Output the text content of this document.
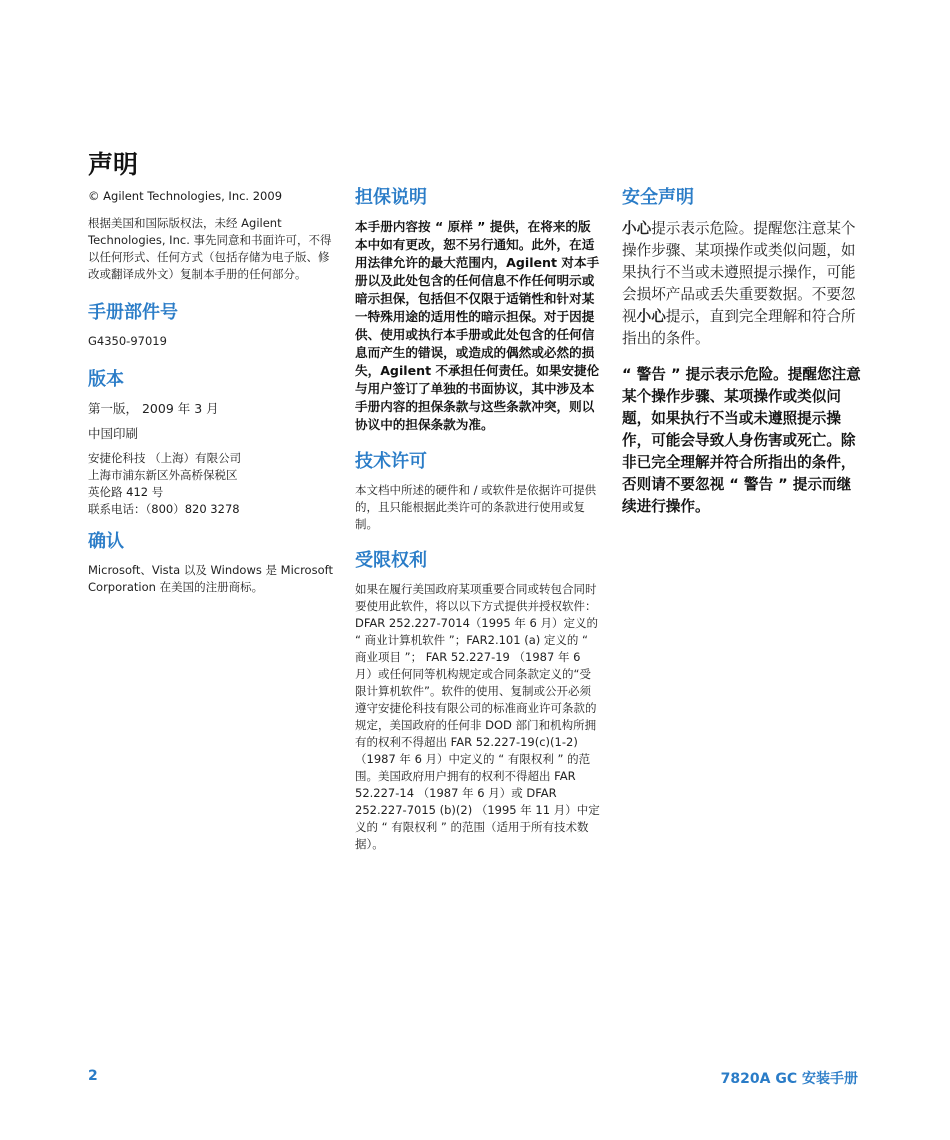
声明
© Agilent Technologies, Inc. 2009
根据美国和国际版权法，未经 Agilent Technologies, Inc. 事先同意和书面许可，不得以任何形式、任何方式（包括存储为电子版、修改或翻译成外文）复制本手册的任何部分。
手册部件号
G4350-97019
版本
第一版， 2009 年 3 月
中国印刷
安捷伦科技 （上海）有限公司
上海市浦东新区外高桥保税区
英伦路 412 号
联系电话：（800）820 3278
确认
Microsoft、Vista 以及 Windows 是 Microsoft Corporation 在美国的注册商标。
担保说明
本手册内容按 “ 原样 ” 提供，在将来的版本中如有更改，恕不另行通知。此外，在适用法律允许的最大范围内，Agilent 对本手册以及此处包含的任何信息不作任何明示或暗示担保，包括但不仅限于适销性和针对某一特殊用途的适用性的暗示担保。对于因提供、使用或执行本手册或此处包含的任何信息而产生的错误，或造成的偶然或必然的损失，Agilent 不承担任何责任。如果安捷伦与用户签订了单独的书面协议，其中涉及本手册内容的担保条款与这些条款冲突，则以协议中的担保条款为准。
技术许可
本文档中所述的硬件和 / 或软件是依据许可提供的，且只能根据此类许可的条款进行使用或复制。
受限权利
如果在履行美国政府某项重要合同或转包合同时要使用此软件，将以以下方式提供并授权软件：DFAR 252.227-7014（1995 年 6 月）定义的 “ 商业计算机软件 ”；FAR2.101 (a) 定义的 “ 商业项目 ”； FAR 52.227-19 （1987 年 6 月）或任何同等机构规定或合同条款定义的“受限计算机软件”。软件的使用、复制或公开必须遵守安捷伦科技有限公司的标准商业许可条款的规定，美国政府的任何非 DOD 部门和机构所拥有的权利不得超出 FAR 52.227-19(c)(1-2) （1987 年 6 月）中定义的 “ 有限权利 ” 的范围。美国政府用户拥有的权利不得超出 FAR 52.227-14 （1987 年 6 月）或 DFAR 252.227-7015 (b)(2) （1995 年 11 月）中定义的 “ 有限权利 ” 的范围（适用于所有技术数据）。
安全声明
小心提示表示危险。提醒您注意某个操作步骤、某项操作或类似问题，如果执行不当或未遵照提示操作，可能会损坏产品或丢失重要数据。不要忽视小心提示，直到完全理解和符合所指出的条件。
“ 警告 ” 提示表示危险。提醒您注意某个操作步骤、某项操作或类似问题，如果执行不当或未遵照提示操作，可能会导致人身伤害或死亡。除非已完全理解并符合所指出的条件，否则请不要忽视 “ 警告 ” 提示而继续进行操作。
2	7820A GC 安装手册
